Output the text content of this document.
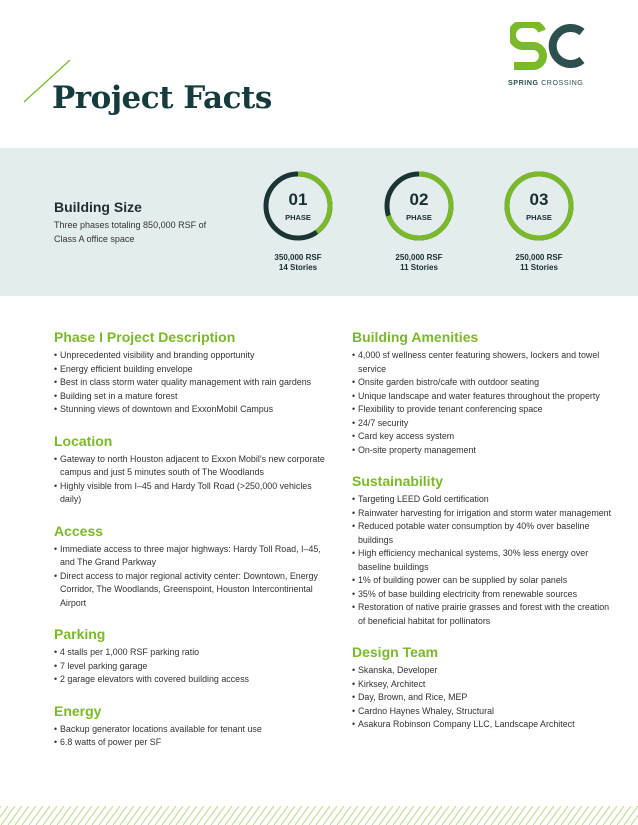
Project Facts	SPRING CROSSING
Building Size
Three phases totaling 850,000 RSF of Class A office space
01
PHASE
350,000 RSF
14 Stories
02
PHASE
250,000 RSF
11 Stories
03
PHASE
250,000 RSF
11 Stories
Phase I Project Description
• Unprecedented visibility and branding opportunity
• Energy efficient building envelope
• Best in class storm water quality management with rain gardens
• Building set in a mature forest
• Stunning views of downtown and ExxonMobil Campus
Location
• Gateway to north Houston adjacent to Exxon Mobil’s new corporate campus and just 5 minutes south of The Woodlands
• Highly visible from I–45 and Hardy Toll Road (>250,000 vehicles daily)
Access
• Immediate access to three major highways: Hardy Toll Road, I–45, and The Grand Parkway
• Direct access to major regional activity center: Downtown, Energy Corridor, The Woodlands, Greenspoint, Houston Intercontinental Airport
Parking
• 4 stalls per 1,000 RSF parking ratio
• 7 level parking garage
• 2 garage elevators with covered building access
Energy
• Backup generator locations available for tenant use
• 6.8 watts of power per SF
Building Amenities
• 4,000 sf wellness center featuring showers, lockers and towel service
• Onsite garden bistro/cafe with outdoor seating
• Unique landscape and water features throughout the property
• Flexibility to provide tenant conferencing space
• 24/7 security
• Card key access system
• On-site property management
Sustainability
• Targeting LEED Gold certification
• Rainwater harvesting for irrigation and storm water management
• Reduced potable water consumption by 40% over baseline buildings
• High efficiency mechanical systems, 30% less energy over baseline buildings
• 1% of building power can be supplied by solar panels
• 35% of base building electricity from renewable sources
• Restoration of native prairie grasses and forest with the creation of beneficial habitat for pollinators
Design Team
• Skanska, Developer
• Kirksey, Architect
• Day, Brown, and Rice, MEP
• Cardno Haynes Whaley, Structural
• Asakura Robinson Company LLC, Landscape Architect
